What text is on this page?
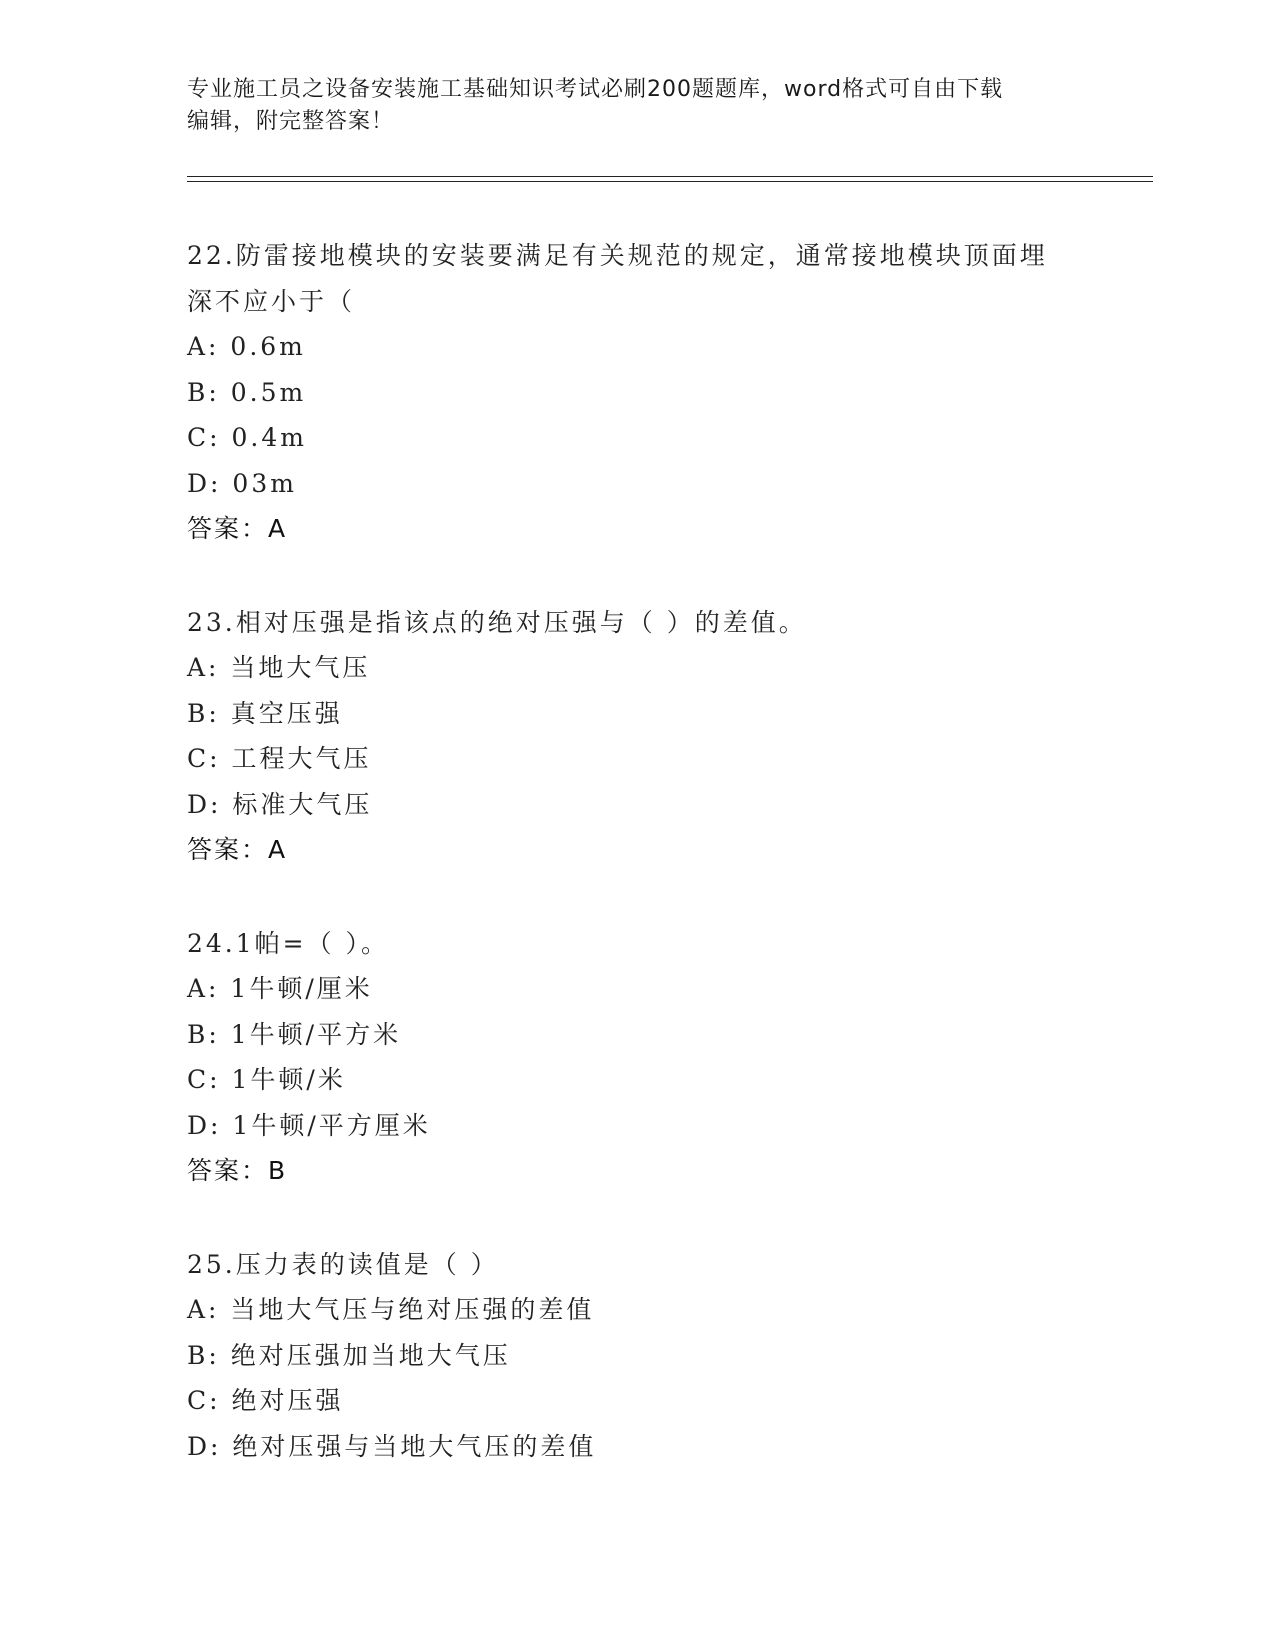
专业施工员之设备安装施工基础知识考试必刷200题题库，word格式可自由下载

编辑，附完整答案！

22.防雷接地模块的安装要满足有关规范的规定，通常接地模块顶面埋

深不应小于（

A: 0.6m

B: 0.5m

C: 0.4m

D: 03m

答案：A

23.相对压强是指该点的绝对压强与（ ）的差值。

A: 当地大气压

B: 真空压强

C: 工程大气压

D: 标准大气压

答案：A

24.1帕=（ ）。

A: 1牛顿/厘米

B: 1牛顿/平方米

C: 1牛顿/米

D: 1牛顿/平方厘米

答案：B

25.压力表的读值是（ ）

A: 当地大气压与绝对压强的差值

B: 绝对压强加当地大气压

C: 绝对压强

D: 绝对压强与当地大气压的差值
